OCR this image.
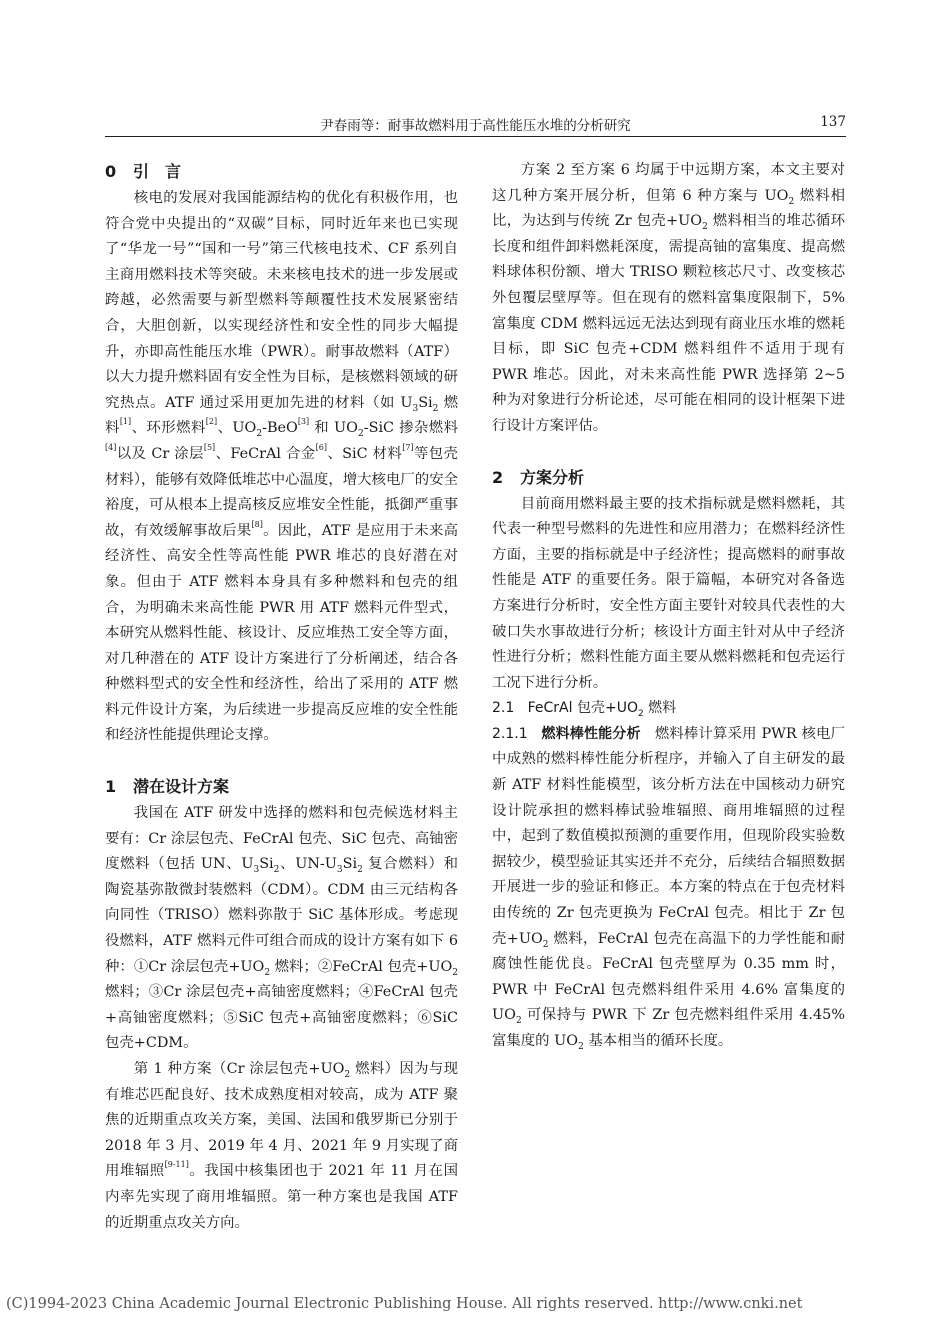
尹春雨等：耐事故燃料用于高性能压水堆的分析研究	137
0 引　言

核电的发展对我国能源结构的优化有积极作用，也符合党中央提出的“双碳”目标，同时近年来也已实现了“华龙一号”“国和一号”第三代核电技术、CF 系列自主商用燃料技术等突破。未来核电技术的进一步发展或跨越，必然需要与新型燃料等颠覆性技术发展紧密结合，大胆创新，以实现经济性和安全性的同步大幅提升，亦即高性能压水堆（PWR）。耐事故燃料（ATF）以大力提升燃料固有安全性为目标，是核燃料领域的研究热点。ATF 通过采用更加先进的材料（如 $U_3Si_2$ 燃料[1]、环形燃料[2]、$UO_2-BeO[3]$ 和 $UO_2$-SiC 掺杂燃料[4]以及 Cr 涂层[5]、FeCrAl 合金[6]、SiC 材料[7]等包壳材料），能够有效降低堆芯中心温度，增大核电厂的安全裕度，可从根本上提高核反应堆安全性能，抵御严重事故，有效缓解事故后果[8]。因此，ATF 是应用于未来高经济性、高安全性等高性能 PWR 堆芯的良好潜在对象。但由于 ATF 燃料本身具有多种燃料和包壳的组合，为明确未来高性能 PWR 用 ATF 燃料元件型式，本研究从燃料性能、核设计、反应堆热工安全等方面，对几种潜在的 ATF 设计方案进行了分析阐述，结合各种燃料型式的安全性和经济性，给出了采用的 ATF 燃料元件设计方案，为后续进一步提高反应堆的安全性能和经济性能提供理论支撑。

1 潜在设计方案

我国在 ATF 研发中选择的燃料和包壳候选材料主要有：Cr 涂层包壳、FeCrAl 包壳、SiC 包壳、高铀密度燃料（包括 UN、$U_3Si_2$、$UN-U_3Si_2$ 复合燃料）和陶瓷基弥散微封装燃料（CDM）。CDM 由三元结构各向同性（TRISO）燃料弥散于 SiC 基体形成。考虑现役燃料，ATF 燃料元件可组合而成的设计方案有如下 6 种：①Cr 涂层包壳$+UO_2$ 燃料；②FeCrAl 包壳$+UO_2$ 燃料；③Cr 涂层包壳+高铀密度燃料；④FeCrAl 包壳+高铀密度燃料；⑤SiC 包壳+高铀密度燃料；⑥SiC 包壳+CDM。

第 1 种方案（Cr 涂层包壳$+UO_2$ 燃料）因为与现有堆芯匹配良好、技术成熟度相对较高，成为 ATF 聚焦的近期重点攻关方案，美国、法国和俄罗斯已分别于 2018 年 3 月、2019 年 4 月、2021 年 9 月实现了商用堆辐照[9-11]。我国中核集团也于 2021 年 11 月在国内率先实现了商用堆辐照。第一种方案也是我国 ATF 的近期重点攻关方向。

方案 2 至方案 6 均属于中远期方案，本文主要对这几种方案开展分析，但第 6 种方案与 $UO_2$ 燃料相比，为达到与传统 Zr 包壳$+UO_2$ 燃料相当的堆芯循环长度和组件卸料燃耗深度，需提高铀的富集度、提高燃料球体积份额、增大 TRISO 颗粒核芯尺寸、改变核芯外包覆层壁厚等。但在现有的燃料富集度限制下，5% 富集度 CDM 燃料远远无法达到现有商业压水堆的燃耗目标，即 SiC 包壳+CDM 燃料组件不适用于现有 PWR 堆芯。因此，对未来高性能 PWR 选择第 2~5 种为对象进行分析论述，尽可能在相同的设计框架下进行设计方案评估。

2 方案分析

目前商用燃料最主要的技术指标就是燃料燃耗，其代表一种型号燃料的先进性和应用潜力；在燃料经济性方面，主要的指标就是中子经济性；提高燃料的耐事故性能是 ATF 的重要任务。限于篇幅，本研究对各备选方案进行分析时，安全性方面主要针对较具代表性的大破口失水事故进行分析；核设计方面主针对从中子经济性进行分析；燃料性能方面主要从燃料燃耗和包壳运行工况下进行分析。

2.1 FeCrAl 包壳$+UO_2$ 燃料

2.1.1 燃料棒性能分析 燃料棒计算采用 PWR 核电厂中成熟的燃料棒性能分析程序，并输入了自主研发的最新 ATF 材料性能模型，该分析方法在中国核动力研究设计院承担的燃料棒试验堆辐照、商用堆辐照的过程中，起到了数值模拟预测的重要作用，但现阶段实验数据较少，模型验证其实还并不充分，后续结合辐照数据开展进一步的验证和修正。本方案的特点在于包壳材料由传统的 Zr 包壳更换为 FeCrAl 包壳。相比于 Zr 包壳$+UO_2$ 燃料，FeCrAl 包壳在高温下的力学性能和耐腐蚀性能优良。FeCrAl 包壳壁厚为 0.35 mm 时，PWR 中 FeCrAl 包壳燃料组件采用 4.6% 富集度的 $UO_2$ 可保持与 PWR 下 Zr 包壳燃料组件采用 4.45% 富集度的 $UO_2$ 基本相当的循环长度。

(C)1994-2023 China Academic Journal Electronic Publishing House. All rights reserved. http://www.cnki.net
